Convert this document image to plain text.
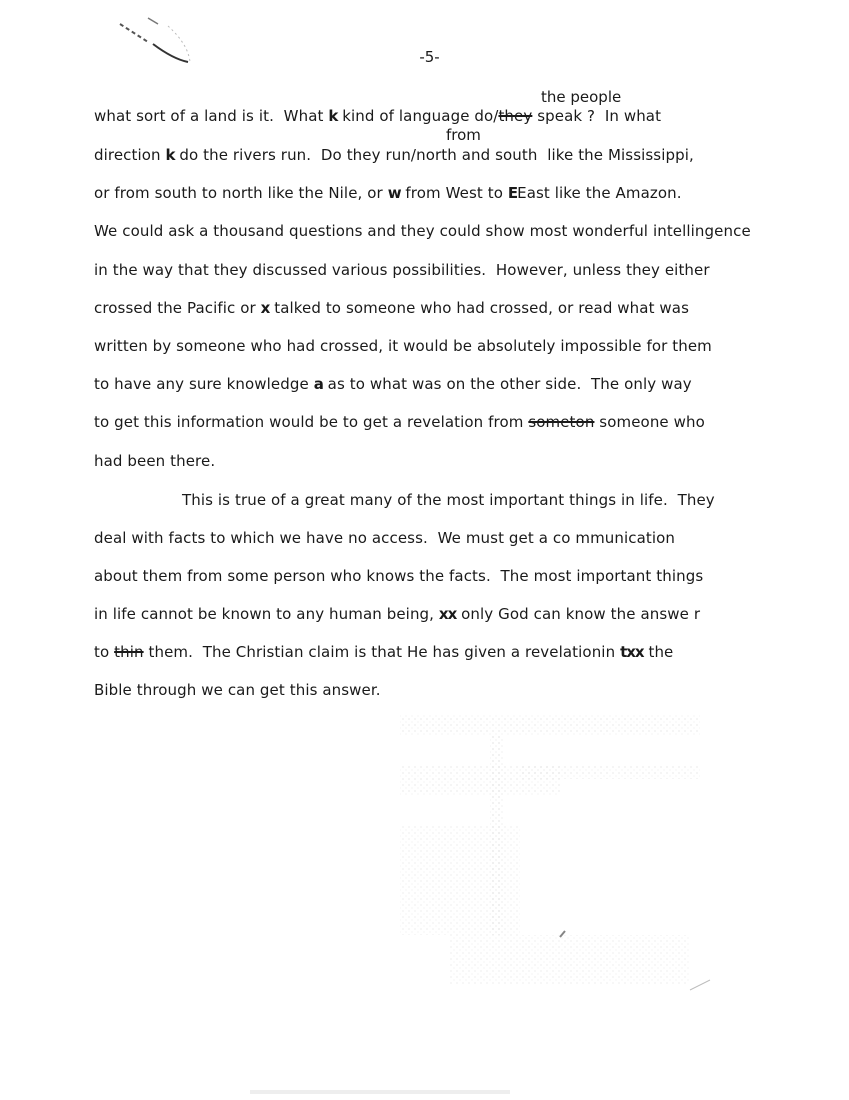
-5-
the people
from
what sort of a land is it.  What k kind of language do/they speak ?  In what
direction k do the rivers run.  Do they run/north and south  like the Mississippi,
or from south to north like the Nile, or w from West to EEast like the Amazon.
We could ask a thousand questions and they could show most wonderful intellingence
in the way that they discussed various possibilities.  However, unless they either
crossed the Pacific or x talked to someone who had crossed, or read what was
written by someone who had crossed, it would be absolutely impossible for them
to have any sure knowledge a as to what was on the other side.  The only way
to get this information would be to get a revelation from someton someone who
had been there.
This is true of a great many of the most important things in life.  They
deal with facts to which we have no access.  We must get a co mmunication
about them from some person who knows the facts.  The most important things
in life cannot be known to any human being, xx only God can know the answe r
to thin them.  The Christian claim is that He has given a revelationin txx the
Bible through we can get this answer.
